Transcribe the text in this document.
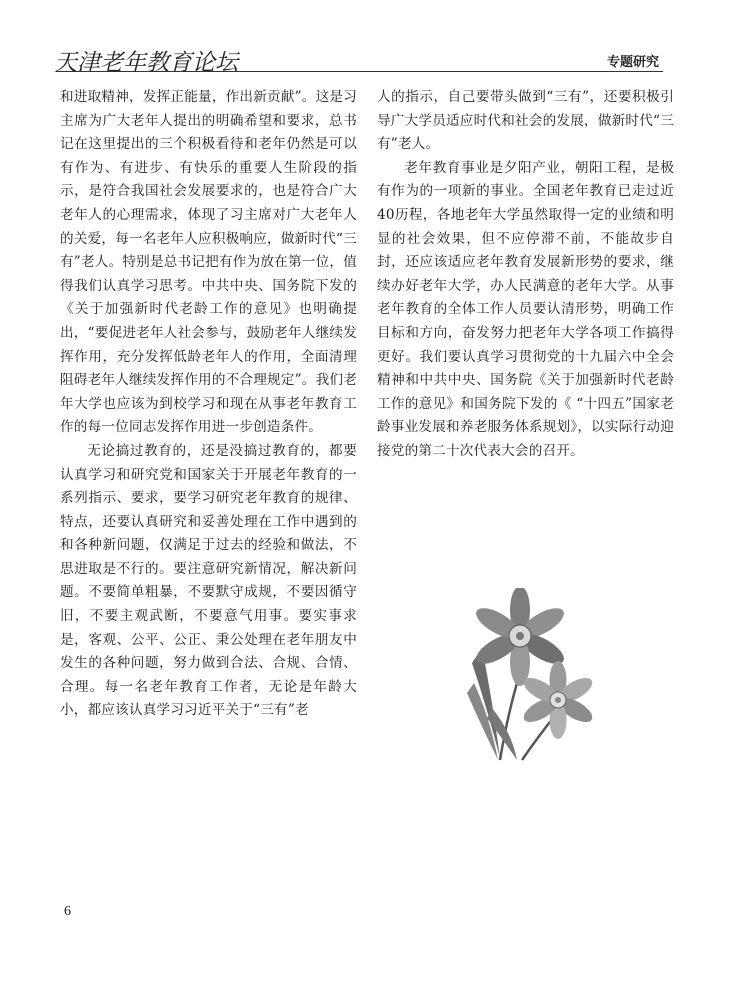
天津老年教育论坛	专题研究

和进取精神，发挥正能量，作出新贡献”。这是习主席为广大老年人提出的明确希望和要求，总书记在这里提出的三个积极看待和老年仍然是可以有作为、有进步、有快乐的重要人生阶段的指示，是符合我国社会发展要求的，也是符合广大老年人的心理需求，体现了习主席对广大老年人的关爱，每一名老年人应积极响应，做新时代“三有”老人。特别是总书记把有作为放在第一位，值得我们认真学习思考。中共中央、国务院下发的《关于加强新时代老龄工作的意见》也明确提出，“要促进老年人社会参与，鼓励老年人继续发挥作用，充分发挥低龄老年人的作用，全面清理阻碍老年人继续发挥作用的不合理规定”。我们老年大学也应该为到校学习和现在从事老年教育工作的每一位同志发挥作用进一步创造条件。

无论搞过教育的，还是没搞过教育的，都要认真学习和研究党和国家关于开展老年教育的一系列指示、要求，要学习研究老年教育的规律、特点，还要认真研究和妥善处理在工作中遇到的和各种新问题，仅满足于过去的经验和做法，不思进取是不行的。要注意研究新情况，解决新问题。不要简单粗暴，不要默守成规，不要因循守旧，不要主观武断，不要意气用事。要实事求是，客观、公平、公正、秉公处理在老年朋友中发生的各种问题，努力做到合法、合规、合情、合理。每一名老年教育工作者，无论是年龄大小，都应该认真学习习近平关于“三有”老

人的指示，自己要带头做到“三有”，还要积极引导广大学员适应时代和社会的发展，做新时代“三有”老人。

老年教育事业是夕阳产业，朝阳工程，是极有作为的一项新的事业。全国老年教育已走过近40历程，各地老年大学虽然取得一定的业绩和明显的社会效果，但不应停滞不前，不能故步自封，还应该适应老年教育发展新形势的要求，继续办好老年大学，办人民满意的老年大学。从事老年教育的全体工作人员要认清形势，明确工作目标和方向，奋发努力把老年大学各项工作搞得更好。我们要认真学习贯彻党的十九届六中全会精神和中共中央、国务院《关于加强新时代老龄工作的意见》和国务院下发的《 “十四五”国家老龄事业发展和养老服务体系规划》，以实际行动迎接党的第二十次代表大会的召开。

6
